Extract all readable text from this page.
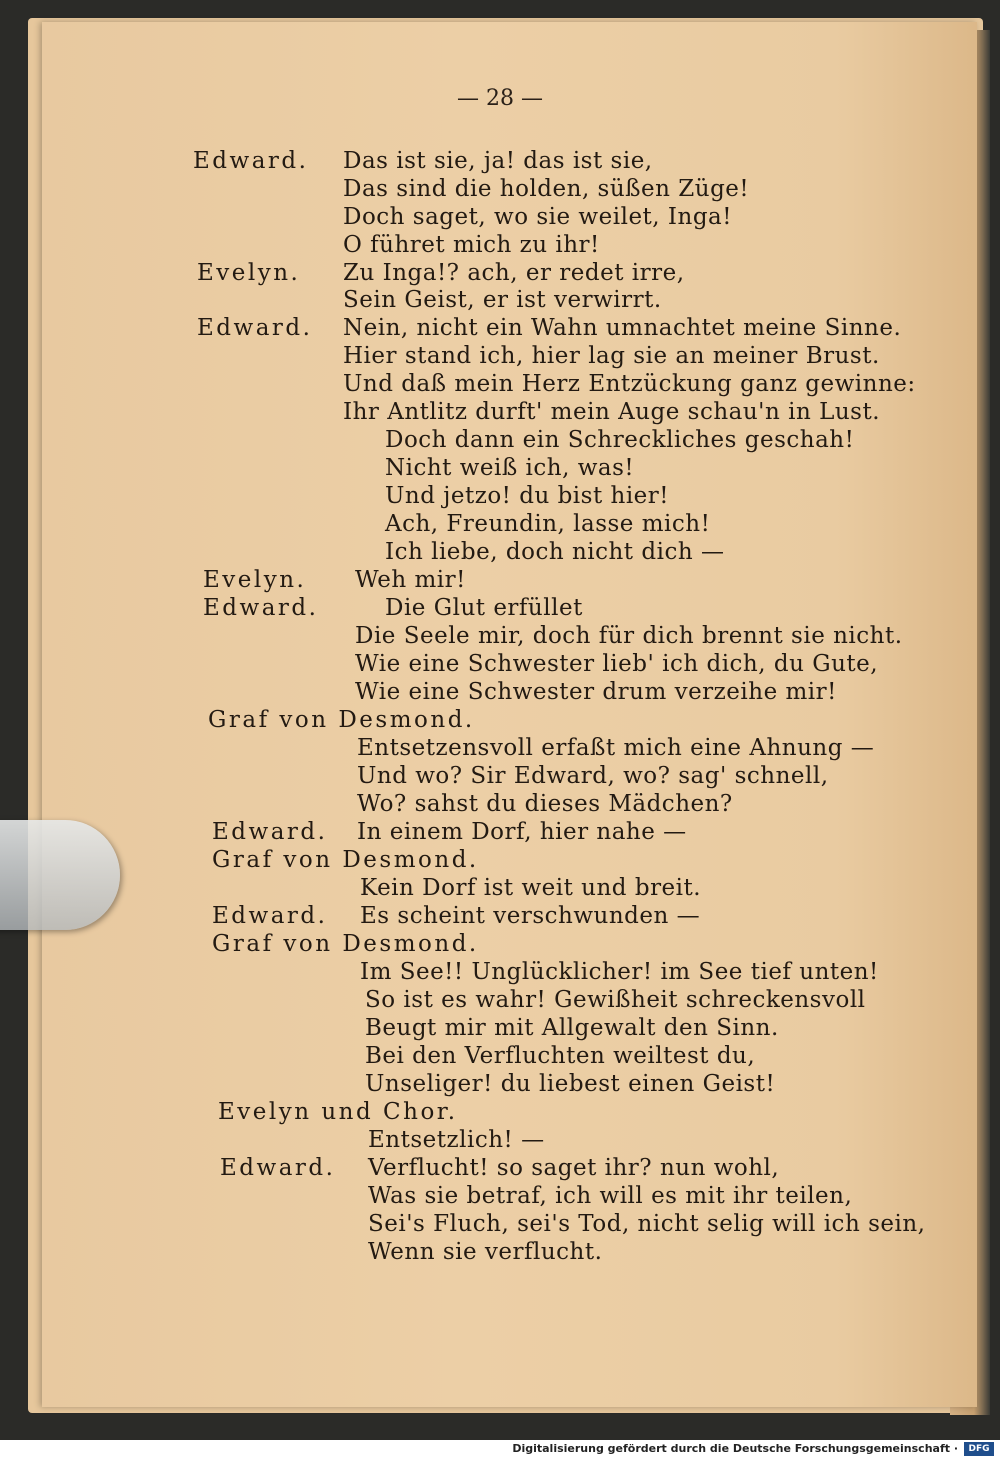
— 28 —
Edward. Das ist sie, ja! das ist sie,
Das sind die holden, süßen Züge!
Doch saget, wo sie weilet, Inga!
O führet mich zu ihr!
Evelyn. Zu Inga!? ach, er redet irre,
Sein Geist, er ist verwirrt.
Edward. Nein, nicht ein Wahn umnachtet meine Sinne.
Hier stand ich, hier lag sie an meiner Brust.
Und daß mein Herz Entzückung ganz gewinne:
Ihr Antlitz durft' mein Auge schau'n in Lust.
Doch dann ein Schreckliches geschah!
Nicht weiß ich, was!
Und jetzo! du bist hier!
Ach, Freundin, lasse mich!
Ich liebe, doch nicht dich —
Evelyn. Weh mir!
Edward.	Die Glut erfüllet
Die Seele mir, doch für dich brennt sie nicht.
Wie eine Schwester lieb' ich dich, du Gute,
Wie eine Schwester drum verzeihe mir!
Graf von Desmond.
Entsetzensvoll erfaßt mich eine Ahnung —
Und wo? Sir Edward, wo? sag' schnell,
Wo? sahst du dieses Mädchen?
Edward. In einem Dorf, hier nahe —
Graf von Desmond.
Kein Dorf ist weit und breit.
Edward. Es scheint verschwunden —
Graf von Desmond.
Im See!! Unglücklicher! im See tief unten!
So ist es wahr! Gewißheit schreckensvoll
Beugt mir mit Allgewalt den Sinn.
Bei den Verfluchten weiltest du,
Unseliger! du liebest einen Geist!
Evelyn und Chor.
Entsetzlich! —
Edward. Verflucht! so saget ihr? nun wohl,
Was sie betraf, ich will es mit ihr teilen,
Sei's Fluch, sei's Tod, nicht selig will ich sein,
Wenn sie verflucht.
Digitalisierung gefördert durch die Deutsche Forschungsgemeinschaft ·	DFG
